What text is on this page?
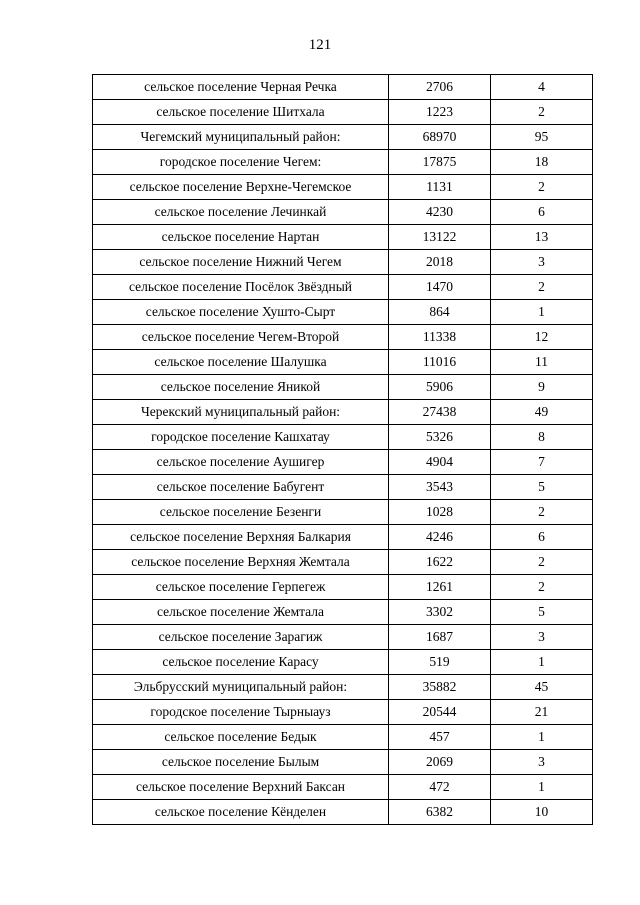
121
сельское поселение Черная Речка	2706	4
сельское поселение Шитхала	1223	2
Чегемский муниципальный район:	68970	95
городское поселение Чегем:	17875	18
сельское поселение Верхне-Чегемское	1131	2
сельское поселение Лечинкай	4230	6
сельское поселение Нартан	13122	13
сельское поселение Нижний Чегем	2018	3
сельское поселение Посёлок Звёздный	1470	2
сельское поселение Хушто-Сырт	864	1
сельское поселение Чегем-Второй	11338	12
сельское поселение Шалушка	11016	11
сельское поселение Яникой	5906	9
Черекский муниципальный район:	27438	49
городское поселение Кашхатау	5326	8
сельское поселение Аушигер	4904	7
сельское поселение Бабугент	3543	5
сельское поселение Безенги	1028	2
сельское поселение Верхняя Балкария	4246	6
сельское поселение Верхняя Жемтала	1622	2
сельское поселение Герпегеж	1261	2
сельское поселение Жемтала	3302	5
сельское поселение Зарагиж	1687	3
сельское поселение Карасу	519	1
Эльбрусский муниципальный район:	35882	45
городское поселение Тырныауз	20544	21
сельское поселение Бедык	457	1
сельское поселение Былым	2069	3
сельское поселение Верхний Баксан	472	1
сельское поселение Кёнделен	6382	10
